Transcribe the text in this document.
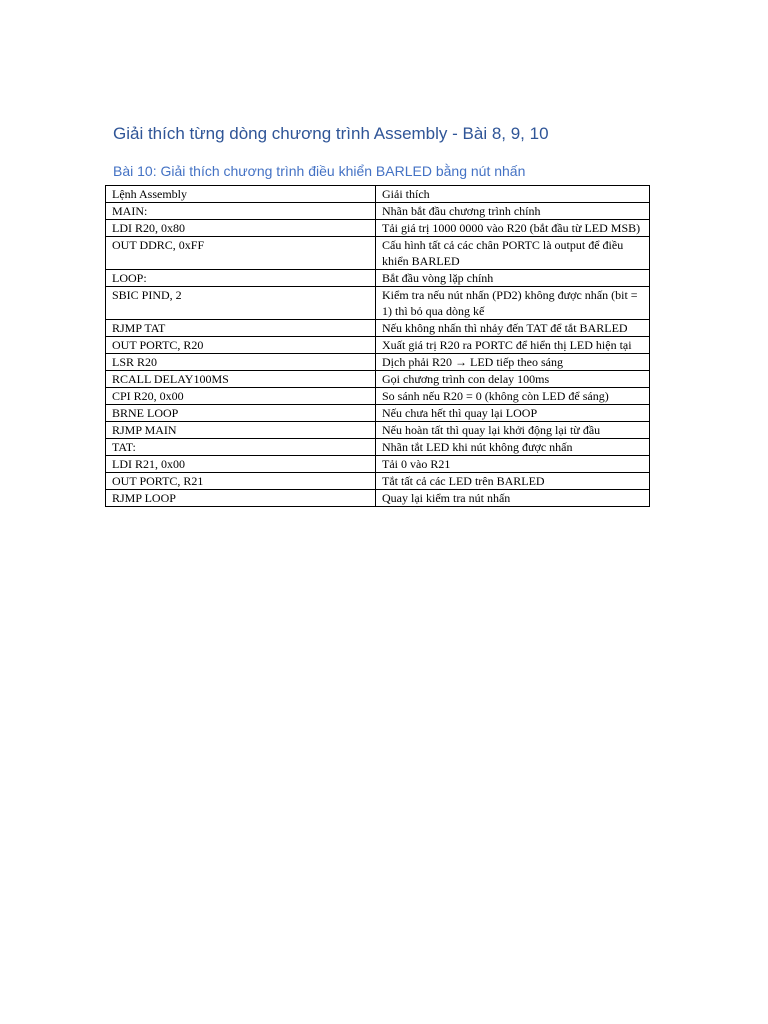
Giải thích từng dòng chương trình Assembly - Bài 8, 9, 10
Bài 10: Giải thích chương trình điều khiển BARLED bằng nút nhấn
Lệnh Assembly	Giải thích
MAIN:	Nhãn bắt đầu chương trình chính
LDI R20, 0x80	Tải giá trị 1000 0000 vào R20 (bắt đầu từ LED MSB)
OUT DDRC, 0xFF	Cấu hình tất cả các chân PORTC là output để điều khiển BARLED
LOOP:	Bắt đầu vòng lặp chính
SBIC PIND, 2	Kiểm tra nếu nút nhấn (PD2) không được nhấn (bit = 1) thì bỏ qua dòng kế
RJMP TAT	Nếu không nhấn thì nhảy đến TAT để tắt BARLED
OUT PORTC, R20	Xuất giá trị R20 ra PORTC để hiển thị LED hiện tại
LSR R20	Dịch phải R20 → LED tiếp theo sáng
RCALL DELAY100MS	Gọi chương trình con delay 100ms
CPI R20, 0x00	So sánh nếu R20 = 0 (không còn LED để sáng)
BRNE LOOP	Nếu chưa hết thì quay lại LOOP
RJMP MAIN	Nếu hoàn tất thì quay lại khởi động lại từ đầu
TAT:	Nhãn tắt LED khi nút không được nhấn
LDI R21, 0x00	Tải 0 vào R21
OUT PORTC, R21	Tắt tất cả các LED trên BARLED
RJMP LOOP	Quay lại kiểm tra nút nhấn
